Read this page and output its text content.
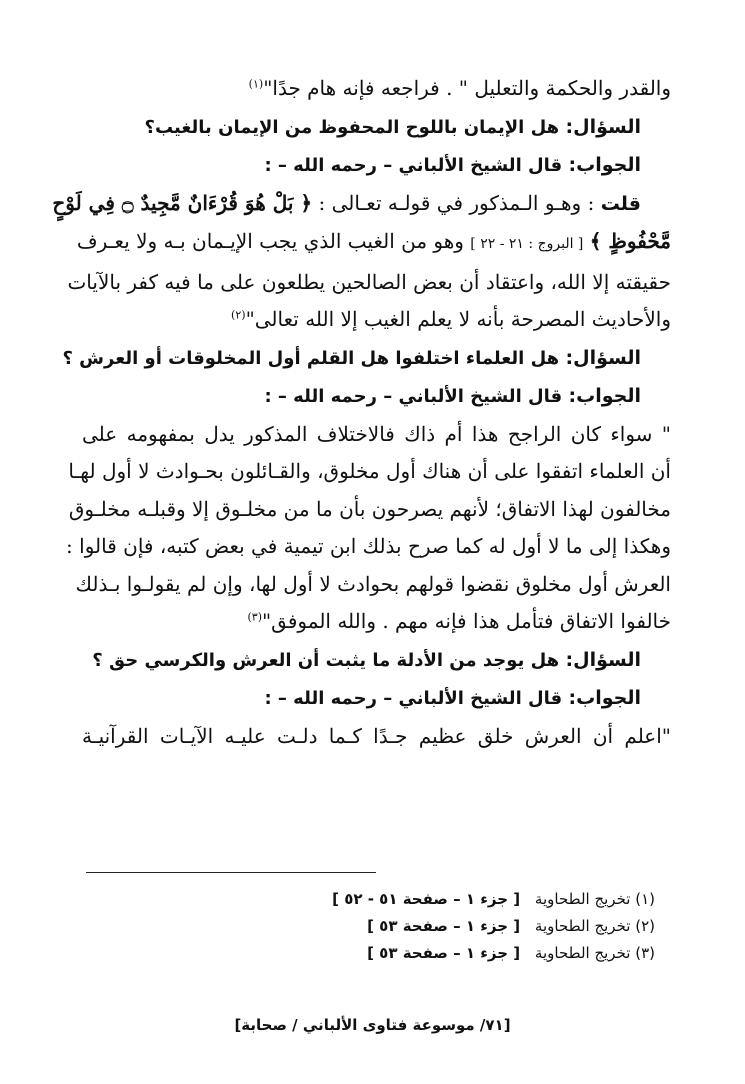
والقدر والحكمة والتعليل " . فراجعه فإنه هام جدًا"$^{(١)}$
السؤال: هل الإيمان باللوح المحفوظ من الإيمان بالغيب؟
الجواب: قال الشيخ الألباني – رحمه الله – :
قلت : وهـو الـمذكور في قولـه تعـالى : ﴿ بَلْ هُوَ قُرْءَانٌ مَّجِيدٌ ۝ فِي لَوْحٍ
مَّحْفُوظٍ ﴾ [ البروج : ٢١ - ٢٢ ] وهو من الغيب الذي يجب الإيـمان بـه ولا يعـرف
حقيقته إلا الله، واعتقاد أن بعض الصالحين يطلعون على ما فيه كفر بالآيات
والأحاديث المصرحة بأنه لا يعلم الغيب إلا الله تعالى"$^{(٢)}$
السؤال: هل العلماء اختلفوا هل القلم أول المخلوقات أو العرش ؟
الجواب: قال الشيخ الألباني – رحمه الله – :
" سواء كان الراجح هذا أم ذاك فالاختلاف المذكور يدل بمفهومه على
أن العلماء اتفقوا على أن هناك أول مخلوق، والقـائلون بحـوادث لا أول لهـا
مخالفون لهذا الاتفاق؛ لأنهم يصرحون بأن ما من مخلـوق إلا وقبلـه مخلـوق
وهكذا إلى ما لا أول له كما صرح بذلك ابن تيمية في بعض كتبه، فإن قالوا :
العرش أول مخلوق نقضوا قولهم بحوادث لا أول لها، وإن لم يقولـوا بـذلك
خالفوا الاتفاق فتأمل هذا فإنه مهم . والله الموفق"$^{(٣)}$
السؤال: هل يوجد من الأدلة ما يثبت أن العرش والكرسي حق ؟
الجواب: قال الشيخ الألباني – رحمه الله – :
"اعلم أن العرش خلق عظيم جـدًا كـما دلـت عليـه الآيـات القرآنيـة
(١) تخريج الطحاوية [ جزء ١ – صفحة ٥١ - ٥٢ ]
(٢) تخريج الطحاوية [ جزء ١ – صفحة ٥٣ ]
(٣) تخريج الطحاوية [ جزء ١ – صفحة ٥٣ ]
[٧١/ موسوعة فتاوى الألباني / صحابة]
